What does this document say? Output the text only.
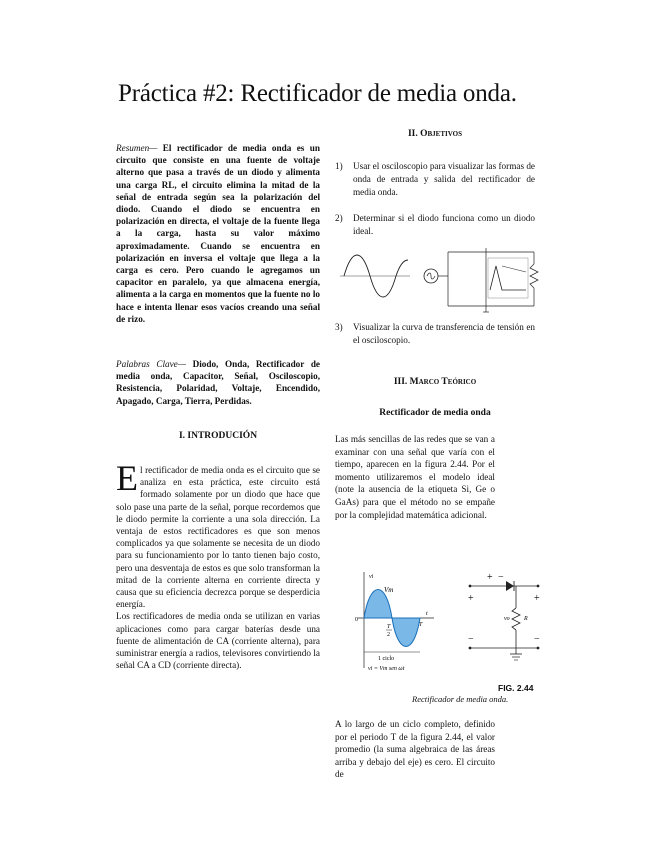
Práctica #2: Rectificador de media onda.
Resumen— El rectificador de media onda es un circuito que consiste en una fuente de voltaje alterno que pasa a través de un diodo y alimenta una carga RL, el circuito elimina la mitad de la señal de entrada según sea la polarización del diodo. Cuando el diodo se encuentra en polarización en directa, el voltaje de la fuente llega a la carga, hasta su valor máximo aproximadamente. Cuando se encuentra en polarización en inversa el voltaje que llega a la carga es cero. Pero cuando le agregamos un capacitor en paralelo, ya que almacena energía, alimenta a la carga en momentos que la fuente no lo hace e intenta llenar esos vacíos creando una señal de rizo.
Palabras Clave— Diodo, Onda, Rectificador de media onda, Capacitor, Señal, Osciloscopio, Resistencia, Polaridad, Voltaje, Encendido, Apagado, Carga, Tierra, Perdidas.
I. INTRODUCIÓN
El rectificador de media onda es el circuito que se analiza en esta práctica, este circuito está formado solamente por un diodo que hace que solo pase una parte de la señal, porque recordemos que le diodo permite la corriente a una sola dirección. La ventaja de estos rectificadores es que son menos complicados ya que solamente se necesita de un diodo para su funcionamiento por lo tanto tienen bajo costo, pero una desventaja de estos es que solo transforman la mitad de la corriente alterna en corriente directa y causa que su eficiencia decrezca porque se desperdicia energía.
Los rectificadores de media onda se utilizan en varias aplicaciones como para cargar baterías desde una fuente de alimentación de CA (corriente alterna), para suministrar energía a radios, televisores convirtiendo la señal CA a CD (corriente directa).
II. Objetivos
1)	Usar el osciloscopio para visualizar las formas de onda de entrada y salida del rectificador de media onda.
2)	Determinar si el diodo funciona como un diodo ideal.
3)	Visualizar la curva de transferencia de tensión en el osciloscopio.
III. Marco Teórico
Rectificador de media onda
Las más sencillas de las redes que se van a examinar con una señal que varía con el tiempo, aparecen en la figura 2.44. Por el momento utilizaremos el modelo ideal (note la ausencia de la etiqueta Si, Ge o GaAs) para que el método no se empañe por la complejidad matemática adicional.
vi
Vm
0
T
2
T
t
1 ciclo
vi = Vm sen ωt
+ −
+
−
+
−
R
vo
FIG. 2.44
Rectificador de media onda.
A lo largo de un ciclo completo, definido por el periodo T de la figura 2.44, el valor promedio (la suma algebraica de las áreas arriba y debajo del eje) es cero. El circuito de
